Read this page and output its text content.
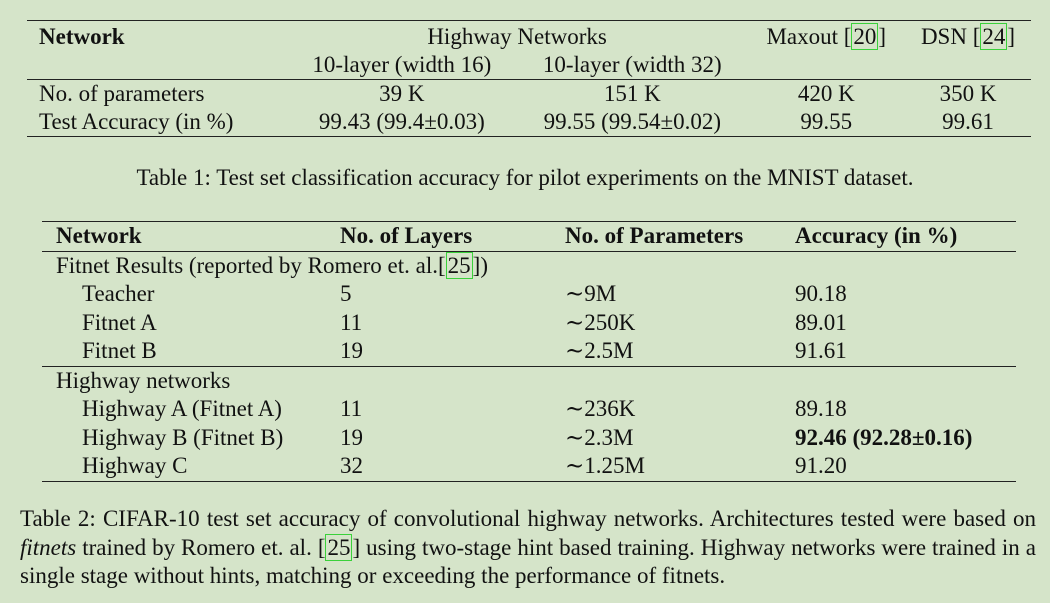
Network	Highway Networks		Maxout [20]	DSN [24]
	10-layer (width 16)	10-layer (width 32)		
No. of parameters	39 K	151 K	420 K	350 K
Test Accuracy (in %)	99.43 (99.4±0.03)	99.55 (99.54±0.02)	99.55	99.61
Table 1: Test set classification accuracy for pilot experiments on the MNIST dataset.
Network	No. of Layers	No. of Parameters	Accuracy (in %)
Fitnet Results (reported by Romero et. al.[25])			
Teacher	5	∼9M	90.18
Fitnet A	11	∼250K	89.01
Fitnet B	19	∼2.5M	91.61
Highway networks			
Highway A (Fitnet A)	11	∼236K	89.18
Highway B (Fitnet B)	19	∼2.3M	92.46 (92.28±0.16)
Highway C	32	∼1.25M	91.20
Table 2: CIFAR-10 test set accuracy of convolutional highway networks. Architectures tested were based on fitnets trained by Romero et. al. [25] using two-stage hint based training. Highway networks were trained in a single stage without hints, matching or exceeding the performance of fitnets.
